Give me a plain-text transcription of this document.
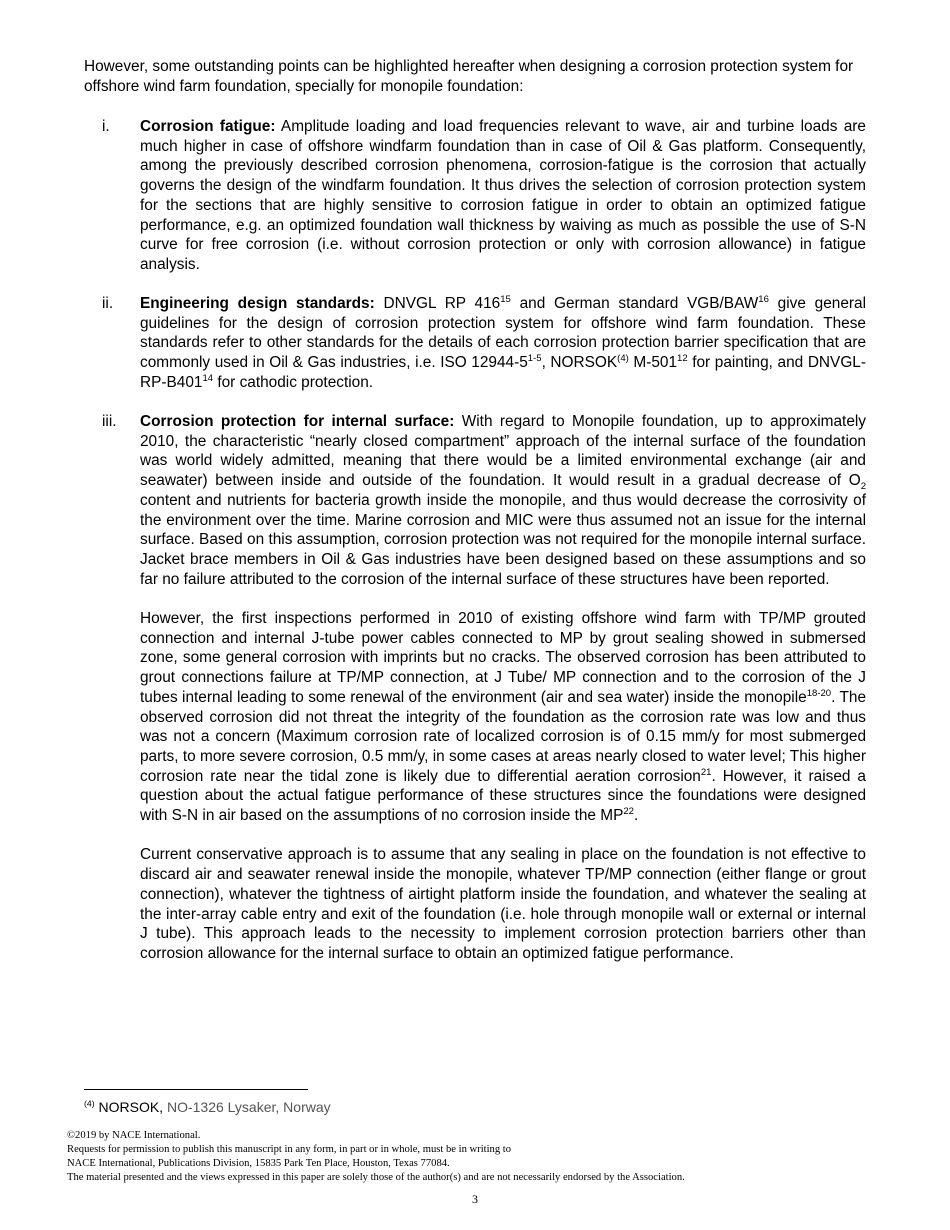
However, some outstanding points can be highlighted hereafter when designing a corrosion protection system for offshore wind farm foundation, specially for monopile foundation:
i.	Corrosion fatigue: Amplitude loading and load frequencies relevant to wave, air and turbine loads are much higher in case of offshore windfarm foundation than in case of Oil & Gas platform. Consequently, among the previously described corrosion phenomena, corrosion-fatigue is the corrosion that actually governs the design of the windfarm foundation. It thus drives the selection of corrosion protection system for the sections that are highly sensitive to corrosion fatigue in order to obtain an optimized fatigue performance, e.g. an optimized foundation wall thickness by waiving as much as possible the use of S-N curve for free corrosion (i.e. without corrosion protection or only with corrosion allowance) in fatigue analysis.

ii.	Engineering design standards: DNVGL RP $416^{15}$ and German standard VGB/BAW$^{16}$ give general guidelines for the design of corrosion protection system for offshore wind farm foundation. These standards refer to other standards for the details of each corrosion protection barrier specification that are commonly used in Oil & Gas industries, i.e. ISO 12944-5$^{1-5}$, NORSOK$^{(4)}$ $M-501^{12}$ for painting, and DNVGL-$RP-B401^{14}$ for cathodic protection.

iii.	Corrosion protection for internal surface: With regard to Monopile foundation, up to approximately 2010, the characteristic “nearly closed compartment” approach of the internal surface of the foundation was world widely admitted, meaning that there would be a limited environmental exchange (air and seawater) between inside and outside of the foundation. It would result in a gradual decrease of $O_2$ content and nutrients for bacteria growth inside the monopile, and thus would decrease the corrosivity of the environment over the time. Marine corrosion and MIC were thus assumed not an issue for the internal surface. Based on this assumption, corrosion protection was not required for the monopile internal surface. Jacket brace members in Oil & Gas industries have been designed based on these assumptions and so far no failure attributed to the corrosion of the internal surface of these structures have been reported.

However, the first inspections performed in 2010 of existing offshore wind farm with TP/MP grouted connection and internal J-tube power cables connected to MP by grout sealing showed in submersed zone, some general corrosion with imprints but no cracks. The observed corrosion has been attributed to grout connections failure at TP/MP connection, at J Tube/ MP connection and to the corrosion of the J tubes internal leading to some renewal of the environment (air and sea water) inside the monopile$^{18-20}$. The observed corrosion did not threat the integrity of the foundation as the corrosion rate was low and thus was not a concern (Maximum corrosion rate of localized corrosion is of 0.15 mm/y for most submerged parts, to more severe corrosion, 0.5 mm/y, in some cases at areas nearly closed to water level; This higher corrosion rate near the tidal zone is likely due to differential aeration corrosion$^{21}$. However, it raised a question about the actual fatigue performance of these structures since the foundations were designed with S-N in air based on the assumptions of no corrosion inside the MP$^{22}$.

Current conservative approach is to assume that any sealing in place on the foundation is not effective to discard air and seawater renewal inside the monopile, whatever TP/MP connection (either flange or grout connection), whatever the tightness of airtight platform inside the foundation, and whatever the sealing at the inter-array cable entry and exit of the foundation (i.e. hole through monopile wall or external or internal J tube). This approach leads to the necessity to implement corrosion protection barriers other than corrosion allowance for the internal surface to obtain an optimized fatigue performance.

$^{(4)}$ NORSOK, NO-1326 Lysaker, Norway
©2019 by NACE International.
Requests for permission to publish this manuscript in any form, in part or in whole, must be in writing to
NACE International, Publications Division, 15835 Park Ten Place, Houston, Texas 77084.
The material presented and the views expressed in this paper are solely those of the author(s) and are not necessarily endorsed by the Association.
3
